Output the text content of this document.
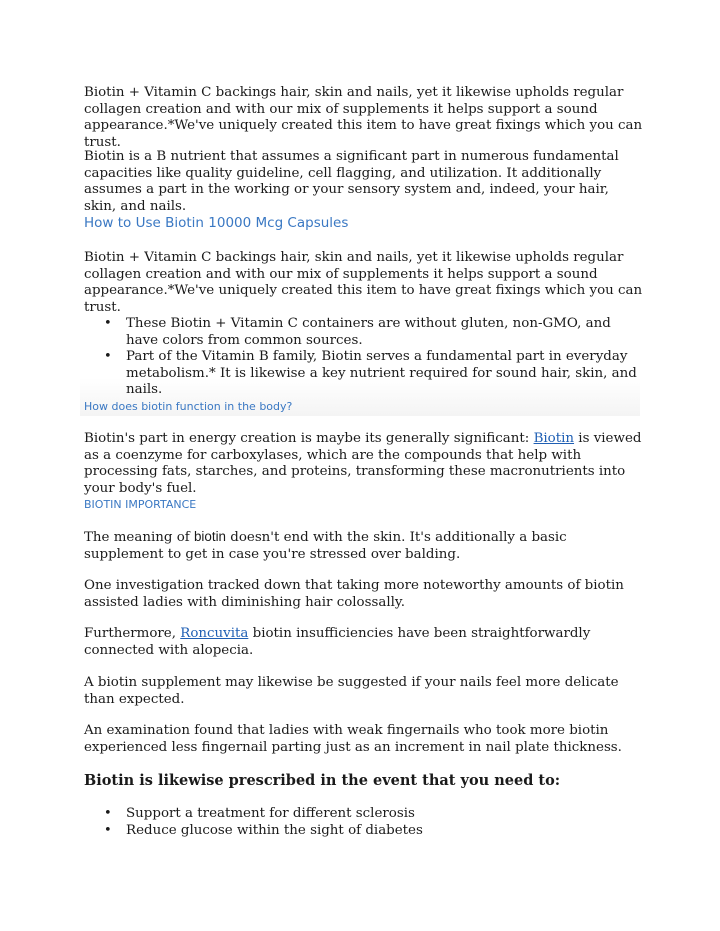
Biotin + Vitamin C backings hair, skin and nails, yet it likewise upholds regular collagen creation and with our mix of supplements it helps support a sound appearance.*We've uniquely created this item to have great fixings which you can trust.

Biotin is a B nutrient that assumes a significant part in numerous fundamental capacities like quality guideline, cell flagging, and utilization. It additionally assumes a part in the working or your sensory system and, indeed, your hair, skin, and nails.

How to Use Biotin 10000 Mcg Capsules

Biotin + Vitamin C backings hair, skin and nails, yet it likewise upholds regular collagen creation and with our mix of supplements it helps support a sound appearance.*We've uniquely created this item to have great fixings which you can trust.

• These Biotin + Vitamin C containers are without gluten, non-GMO, and have colors from common sources.
• Part of the Vitamin B family, Biotin serves a fundamental part in everyday metabolism.* It is likewise a key nutrient required for sound hair, skin, and nails.
How does biotin function in the body?

Biotin's part in energy creation is maybe its generally significant: Biotin is viewed as a coenzyme for carboxylases, which are the compounds that help with processing fats, starches, and proteins, transforming these macronutrients into your body's fuel.

BIOTIN IMPORTANCE

The meaning of biotin doesn't end with the skin. It's additionally a basic supplement to get in case you're stressed over balding.

One investigation tracked down that taking more noteworthy amounts of biotin assisted ladies with diminishing hair colossally.

Furthermore, Roncuvita biotin insufficiencies have been straightforwardly connected with alopecia.

A biotin supplement may likewise be suggested if your nails feel more delicate than expected.

An examination found that ladies with weak fingernails who took more biotin experienced less fingernail parting just as an increment in nail plate thickness.

Biotin is likewise prescribed in the event that you need to:
• Support a treatment for different sclerosis
• Reduce glucose within the sight of diabetes
